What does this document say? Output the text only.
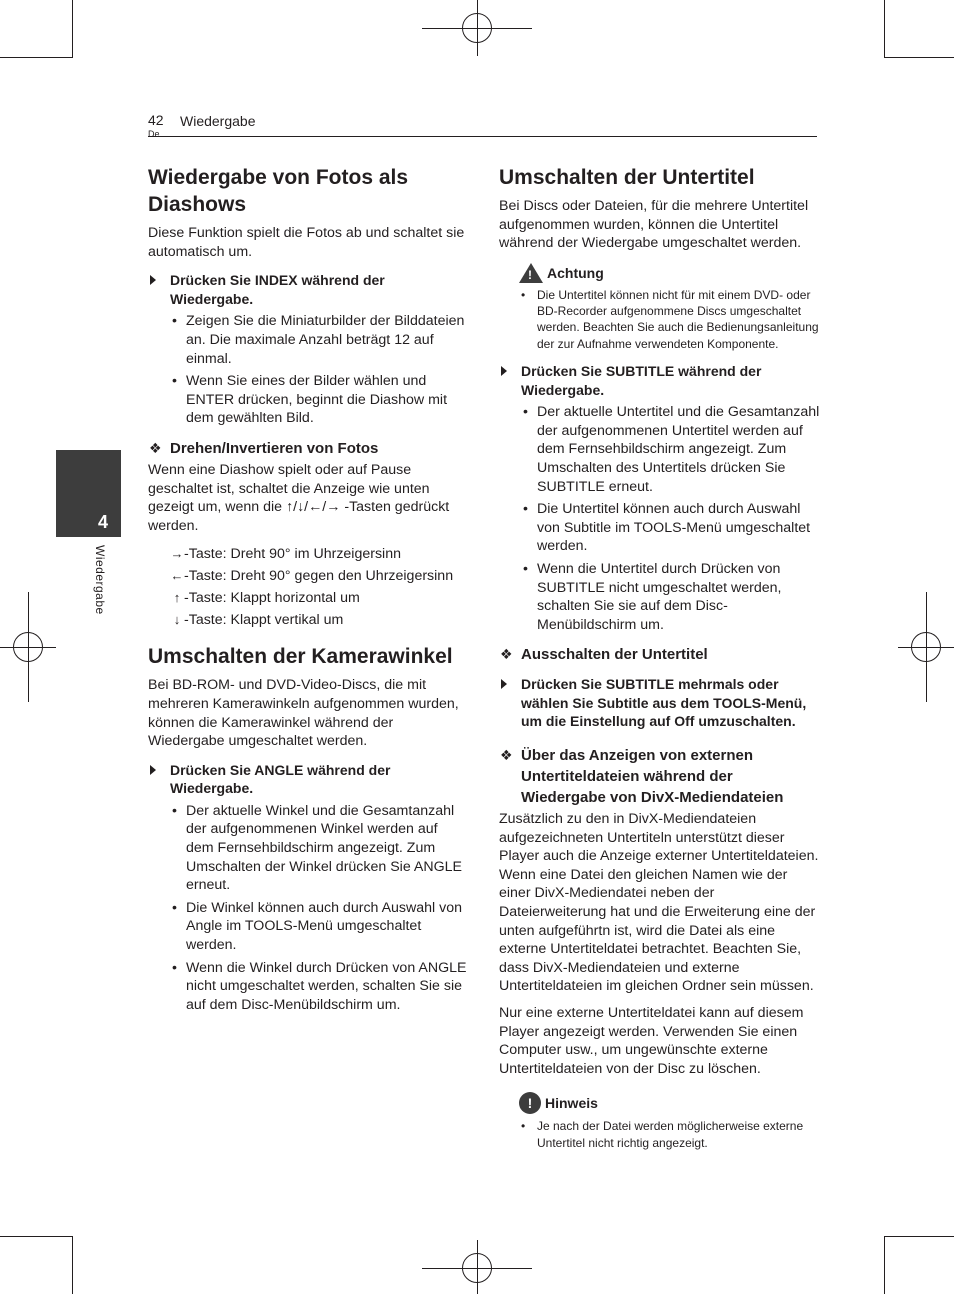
42
De
Wiedergabe
4
Wiedergabe
Wiedergabe von Fotos als Diashows

Diese Funktion spielt die Fotos ab und schaltet sie automatisch um.

Drücken Sie INDEX während der Wiedergabe.
• Zeigen Sie die Miniaturbilder der Bilddateien an. Die maximale Anzahl beträgt 12 auf einmal.
• Wenn Sie eines der Bilder wählen und ENTER drücken, beginnt die Diashow mit dem gewählten Bild.
❖ Drehen/Invertieren von Fotos

Wenn eine Diashow spielt oder auf Pause geschaltet ist, schaltet die Anzeige wie unten gezeigt um, wenn die ↑/↓/←/→ -Tasten gedrückt werden.

→-Taste: Dreht 90° im Uhrzeigersinn
←-Taste: Dreht 90° gegen den Uhrzeigersinn
↑ -Taste: Klappt horizontal um
↓ -Taste: Klappt vertikal um
Umschalten der Kamerawinkel

Bei BD-ROM- und DVD-Video-Discs, die mit mehreren Kamerawinkeln aufgenommen wurden, können die Kamerawinkel während der Wiedergabe umgeschaltet werden.

Drücken Sie ANGLE während der Wiedergabe.
• Der aktuelle Winkel und die Gesamtanzahl der aufgenommenen Winkel werden auf dem Fernsehbildschirm angezeigt. Zum Umschalten der Winkel drücken Sie ANGLE erneut.
• Die Winkel können auch durch Auswahl von Angle im TOOLS-Menü umgeschaltet werden.
• Wenn die Winkel durch Drücken von ANGLE nicht umgeschaltet werden, schalten Sie sie auf dem Disc-Menübildschirm um.
Umschalten der Untertitel

Bei Discs oder Dateien, für die mehrere Untertitel aufgenommen wurden, können die Untertitel während der Wiedergabe umgeschaltet werden.

! Achtung
• Die Untertitel können nicht für mit einem DVD- oder BD-Recorder aufgenommene Discs umgeschaltet werden. Beachten Sie auch die Bedienungsanleitung der zur Aufnahme verwendeten Komponente.
Drücken Sie SUBTITLE während der Wiedergabe.
• Der aktuelle Untertitel und die Gesamtanzahl der aufgenommenen Untertitel werden auf dem Fernsehbildschirm angezeigt. Zum Umschalten des Untertitels drücken Sie SUBTITLE erneut.
• Die Untertitel können auch durch Auswahl von Subtitle im TOOLS-Menü umgeschaltet werden.
• Wenn die Untertitel durch Drücken von SUBTITLE nicht umgeschaltet werden, schalten Sie sie auf dem Disc-Menübildschirm um.
❖ Ausschalten der Untertitel
Drücken Sie SUBTITLE mehrmals oder wählen Sie Subtitle aus dem TOOLS-Menü, um die Einstellung auf Off umzuschalten.
❖ Über das Anzeigen von externen Untertiteldateien während der Wiedergabe von DivX-Mediendateien

Zusätzlich zu den in DivX-Mediendateien aufgezeichneten Untertiteln unterstützt dieser Player auch die Anzeige externer Untertiteldateien. Wenn eine Datei den gleichen Namen wie der einer DivX-Mediendatei neben der Dateierweiterung hat und die Erweiterung eine der unten aufgeführtn ist, wird die Datei als eine externe Untertiteldatei betrachtet. Beachten Sie, dass DivX-Mediendateien und externe Untertiteldateien im gleichen Ordner sein müssen.

Nur eine externe Untertiteldatei kann auf diesem Player angezeigt werden. Verwenden Sie einen Computer usw., um ungewünschte externe Untertiteldateien von der Disc zu löschen.

! Hinweis
• Je nach der Datei werden möglicherweise externe Untertitel nicht richtig angezeigt.
